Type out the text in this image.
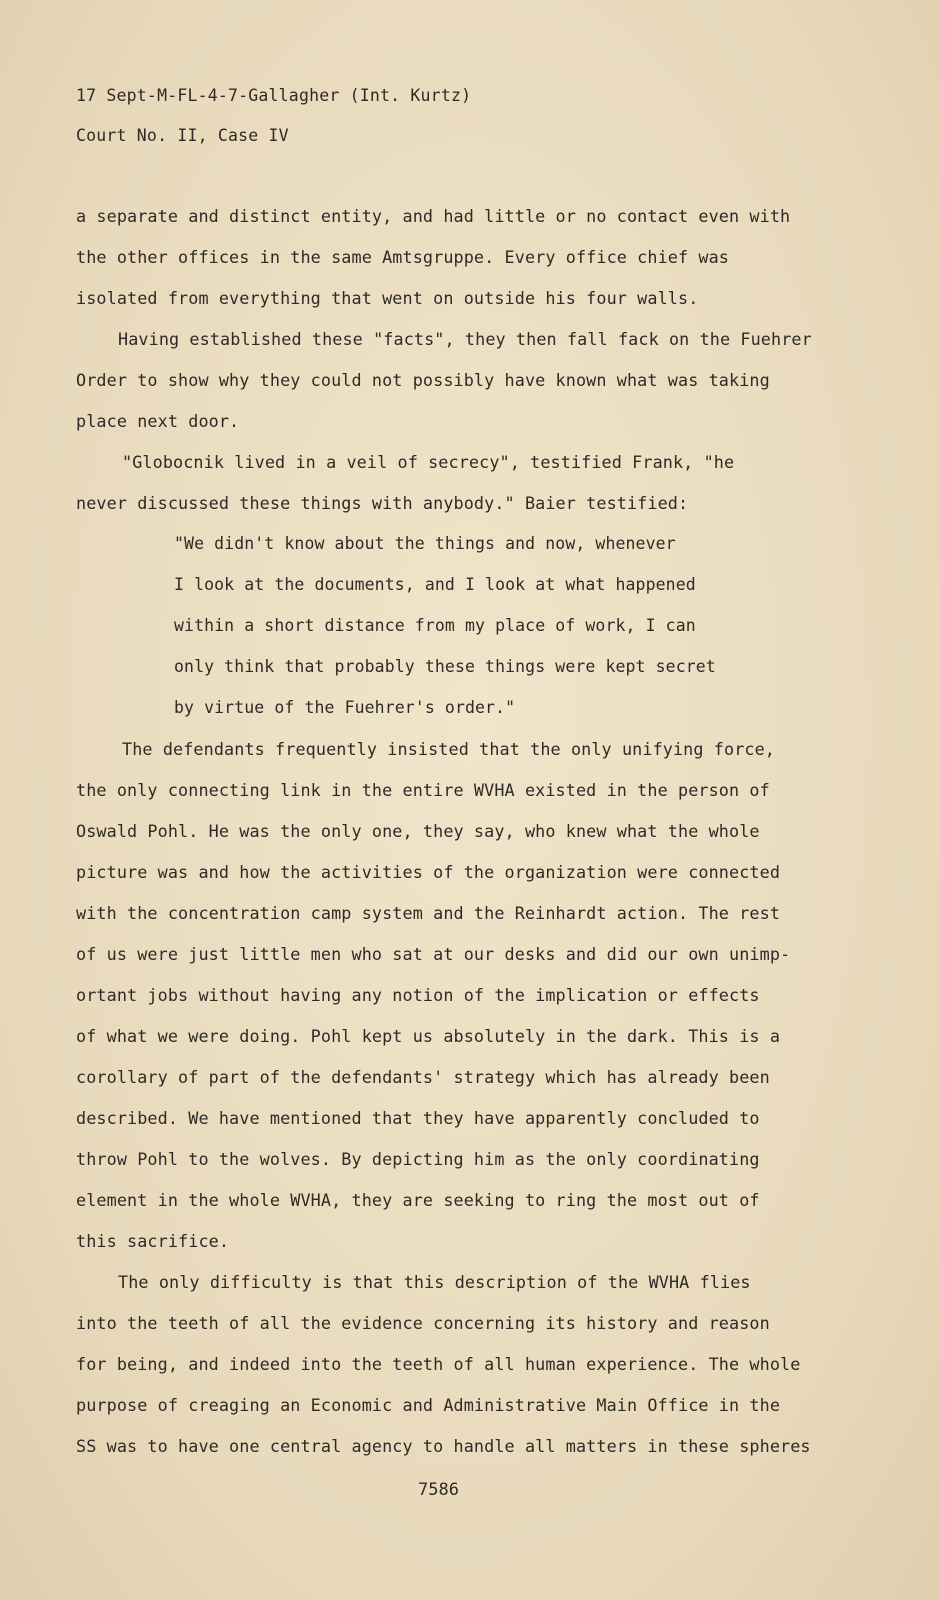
17 Sept-M-FL-4-7-Gallagher (Int. Kurtz)
Court No. II, Case IV
a separate and distinct entity, and had little or no contact even with
the other offices in the same Amtsgruppe. Every office chief was
isolated from everything that went on outside his four walls.
Having established these "facts", they then fall fack on the Fuehrer
Order to show why they could not possibly have known what was taking
place next door.
"Globocnik lived in a veil of secrecy", testified Frank, "he
never discussed these things with anybody." Baier testified:
"We didn't know about the things and now, whenever
I look at the documents, and I look at what happened
within a short distance from my place of work, I can
only think that probably these things were kept secret
by virtue of the Fuehrer's order."
The defendants frequently insisted that the only unifying force,
the only connecting link in the entire WVHA existed in the person of
Oswald Pohl. He was the only one, they say, who knew what the whole
picture was and how the activities of the organization were connected
with the concentration camp system and the Reinhardt action. The rest
of us were just little men who sat at our desks and did our own unimp-
ortant jobs without having any notion of the implication or effects
of what we were doing. Pohl kept us absolutely in the dark. This is a
corollary of part of the defendants' strategy which has already been
described. We have mentioned that they have apparently concluded to
throw Pohl to the wolves. By depicting him as the only coordinating
element in the whole WVHA, they are seeking to ring the most out of
this sacrifice.
The only difficulty is that this description of the WVHA flies
into the teeth of all the evidence concerning its history and reason
for being, and indeed into the teeth of all human experience. The whole
purpose of creaging an Economic and Administrative Main Office in the
SS was to have one central agency to handle all matters in these spheres
7586
